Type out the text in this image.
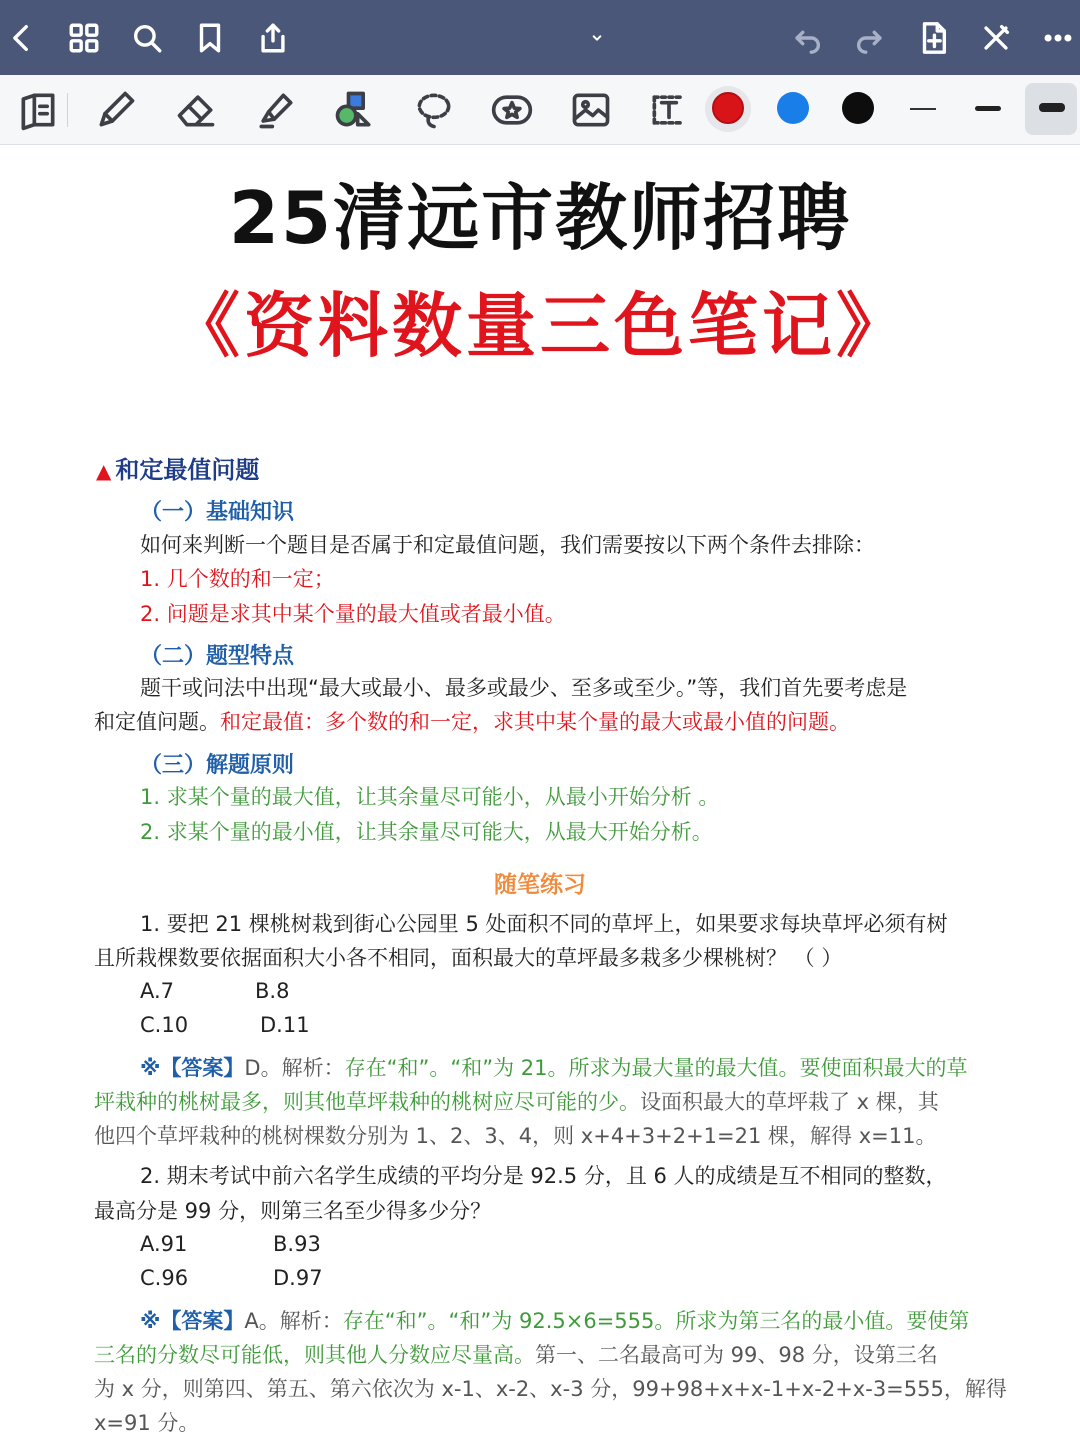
25清远市教师招聘
《资料数量三色笔记》
▲ 和定最值问题
（一）基础知识
如何来判断一个题目是否属于和定最值问题，我们需要按以下两个条件去排除：
1. 几个数的和一定；
2. 问题是求其中某个量的最大值或者最小值。
（二）题型特点
题干或问法中出现“最大或最小、最多或最少、至多或至少。”等，我们首先要考虑是
和定值问题。和定最值：多个数的和一定，求其中某个量的最大或最小值的问题。
（三）解题原则
1. 求某个量的最大值，让其余量尽可能小，从最小开始分析 。
2. 求某个量的最小值，让其余量尽可能大，从最大开始分析。
随笔练习
1. 要把 21 棵桃树栽到街心公园里 5 处面积不同的草坪上，如果要求每块草坪必须有树
且所栽棵数要依据面积大小各不相同，面积最大的草坪最多栽多少棵桃树？ （ ）
A.7	B.8
C.10	D.11
※【答案】D。解析：存在“和”。“和”为 21。所求为最大量的最大值。要使面积最大的草
坪栽种的桃树最多，则其他草坪栽种的桃树应尽可能的少。设面积最大的草坪栽了 x 棵，其
他四个草坪栽种的桃树棵数分别为 1、2、3、4，则 x+4+3+2+1=21 棵，解得 x=11。
2. 期末考试中前六名学生成绩的平均分是 92.5 分，且 6 人的成绩是互不相同的整数，
最高分是 99 分，则第三名至少得多少分？
A.91	B.93
C.96	D.97
※【答案】A。解析：存在“和”。“和”为 92.5×6=555。所求为第三名的最小值。要使第
三名的分数尽可能低，则其他人分数应尽量高。第一、二名最高可为 99、98 分，设第三名
为 x 分，则第四、第五、第六依次为 x-1、x-2、x-3 分，99+98+x+x-1+x-2+x-3=555，解得
x=91 分。
